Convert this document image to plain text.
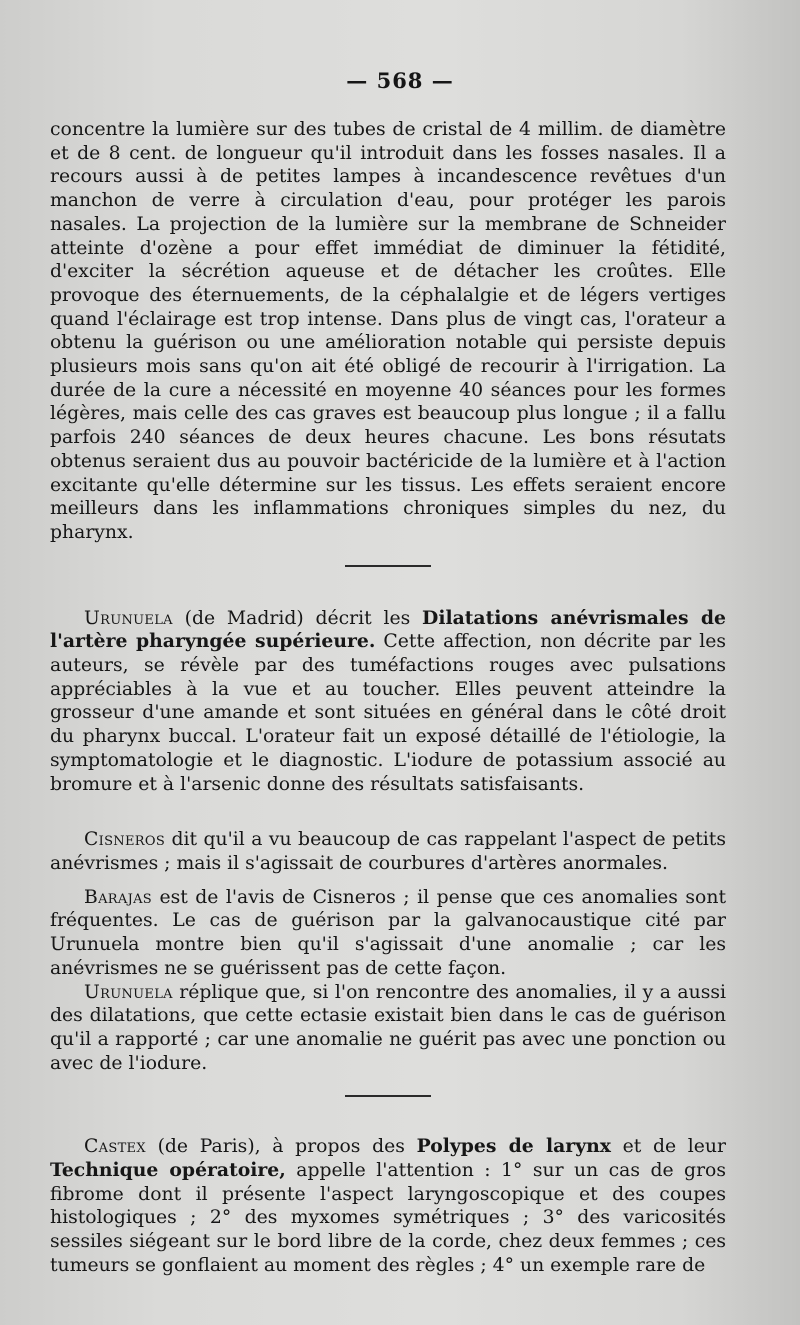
— 568 —

concentre la lumière sur des tubes de cristal de 4 millim. de diamètre et de 8 cent. de longueur qu'il introduit dans les fosses nasales. Il a recours aussi à de petites lampes à incandescence revêtues d'un manchon de verre à circulation d'eau, pour protéger les parois nasales. La projection de la lumière sur la membrane de Schneider atteinte d'ozène a pour effet immédiat de diminuer la fétidité, d'exciter la sécrétion aqueuse et de détacher les croûtes. Elle provoque des éternuements, de la céphalalgie et de légers vertiges quand l'éclairage est trop intense. Dans plus de vingt cas, l'orateur a obtenu la guérison ou une amélioration notable qui persiste depuis plusieurs mois sans qu'on ait été obligé de recourir à l'irrigation. La durée de la cure a nécessité en moyenne 40 séances pour les formes légères, mais celle des cas graves est beaucoup plus longue ; il a fallu parfois 240 séances de deux heures chacune. Les bons résutats obtenus seraient dus au pouvoir bactéricide de la lumière et à l'action excitante qu'elle détermine sur les tissus. Les effets seraient encore meilleurs dans les inflammations chroniques simples du nez, du pharynx.

Urunuela (de Madrid) décrit les Dilatations anévrismales de l'artère pharyngée supérieure. Cette affection, non décrite par les auteurs, se révèle par des tuméfactions rouges avec pulsations appréciables à la vue et au toucher. Elles peuvent atteindre la grosseur d'une amande et sont situées en général dans le côté droit du pharynx buccal. L'orateur fait un exposé détaillé de l'étiologie, la symptomatologie et le diagnostic. L'iodure de potassium associé au bromure et à l'arsenic donne des résultats satisfaisants.

Cisneros dit qu'il a vu beaucoup de cas rappelant l'aspect de petits anévrismes ; mais il s'agissait de courbures d'artères anormales.

Barajas est de l'avis de Cisneros ; il pense que ces anomalies sont fréquentes. Le cas de guérison par la galvanocaustique cité par Urunuela montre bien qu'il s'agissait d'une anomalie ; car les anévrismes ne se guérissent pas de cette façon.

Urunuela réplique que, si l'on rencontre des anomalies, il y a aussi des dilatations, que cette ectasie existait bien dans le cas de guérison qu'il a rapporté ; car une anomalie ne guérit pas avec une ponction ou avec de l'iodure.

Castex (de Paris), à propos des Polypes de larynx et de leur Technique opératoire, appelle l'attention : 1° sur un cas de gros fibrome dont il présente l'aspect laryngoscopique et des coupes histologiques ; 2° des myxomes symétriques ; 3° des varicosités sessiles siégeant sur le bord libre de la corde, chez deux femmes ; ces tumeurs se gonflaient au moment des règles ; 4° un exemple rare de
